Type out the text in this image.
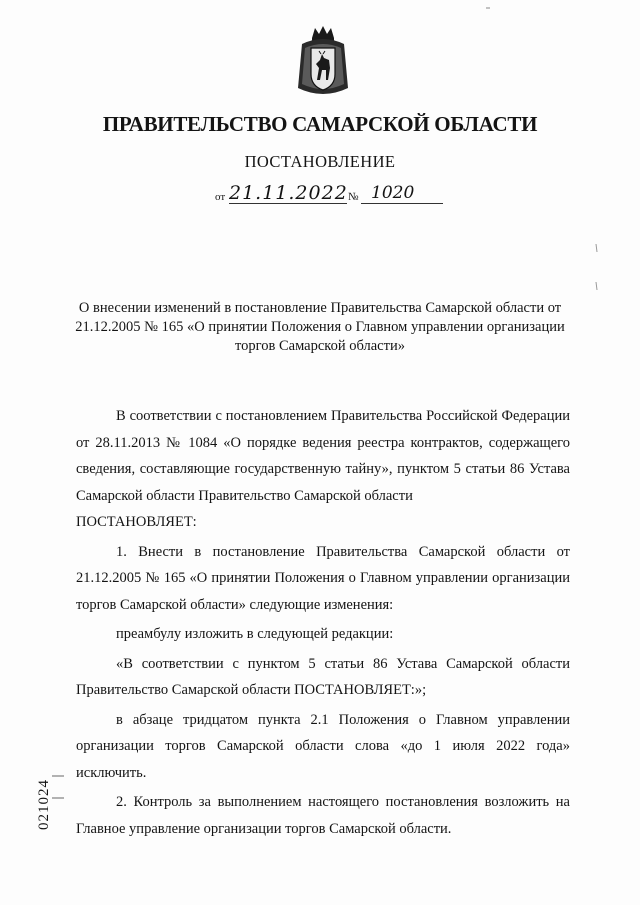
ПРАВИТЕЛЬСТВО САМАРСКОЙ ОБЛАСТИ
ПОСТАНОВЛЕНИЕ
от 21.11.2022 № 1020
О внесении изменений в постановление Правительства Самарской области от 21.12.2005 № 165 «О принятии Положения о Главном управлении организации торгов Самарской области»

В соответствии с постановлением Правительства Российской Федерации от 28.11.2013 № 1084 «О порядке ведения реестра контрактов, содержащего сведения, составляющие государственную тайну», пунктом 5 статьи 86 Устава Самарской области Правительство Самарской области

ПОСТАНОВЛЯЕТ:

1. Внести в постановление Правительства Самарской области от 21.12.2005 № 165 «О принятии Положения о Главном управлении организации торгов Самарской области» следующие изменения:

преамбулу изложить в следующей редакции:

«В соответствии с пунктом 5 статьи 86 Устава Самарской области Правительство Самарской области ПОСТАНОВЛЯЕТ:»;

в абзаце тридцатом пункта 2.1 Положения о Главном управлении организации торгов Самарской области слова «до 1 июля 2022 года» исключить.

2. Контроль за выполнением настоящего постановления возложить на Главное управление организации торгов Самарской области.

021024
